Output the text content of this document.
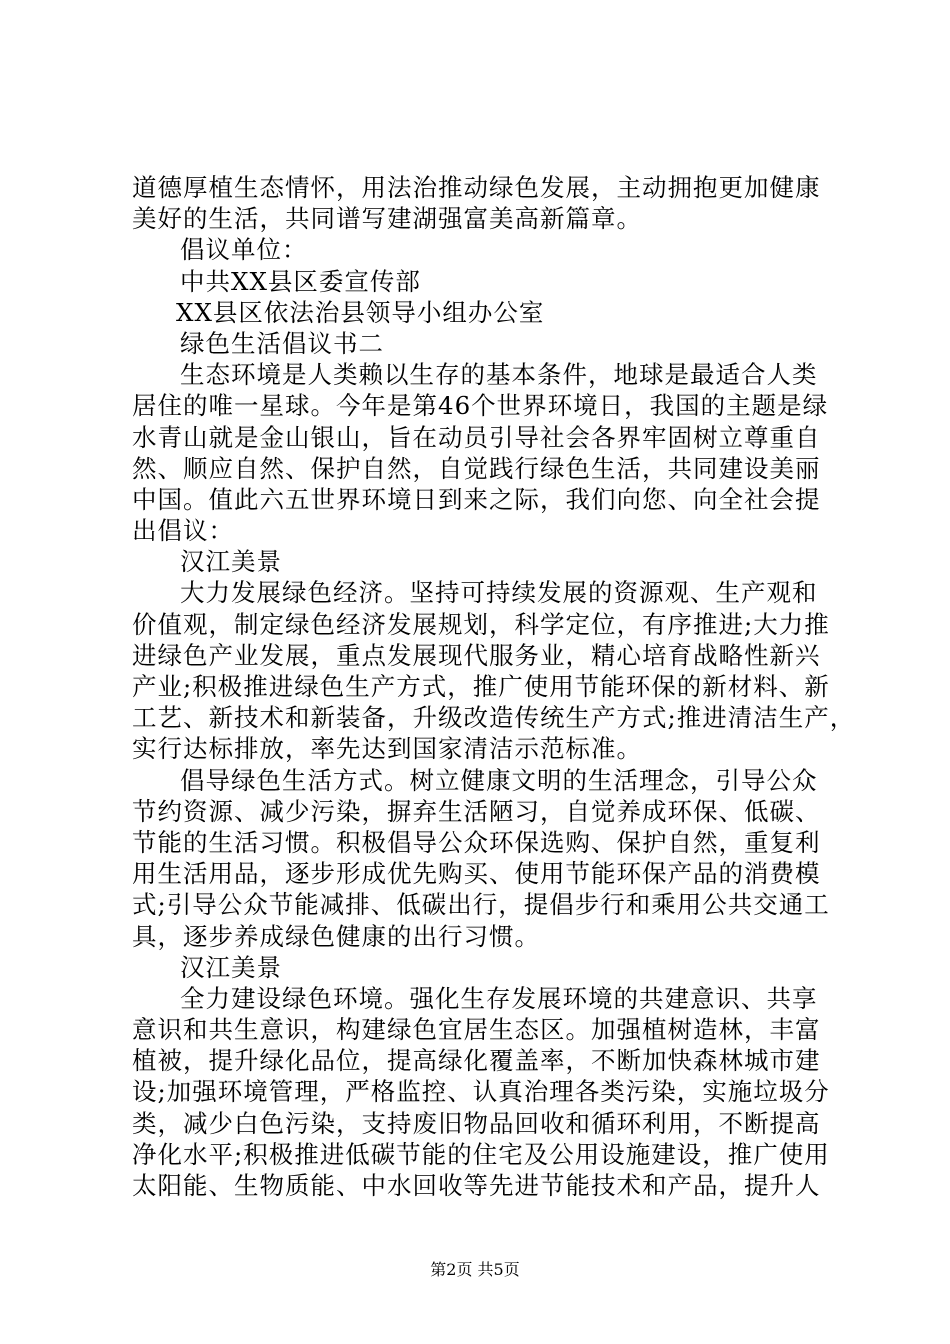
道德厚植生态情怀，用法治推动绿色发展，主动拥抱更加健康
美好的生活，共同谱写建湖强富美高新篇章。
倡议单位：
中共XX县区委宣传部
XX县区依法治县领导小组办公室
绿色生活倡议书二
生态环境是人类赖以生存的基本条件，地球是最适合人类
居住的唯一星球。今年是第46个世界环境日，我国的主题是绿
水青山就是金山银山，旨在动员引导社会各界牢固树立尊重自
然、顺应自然、保护自然，自觉践行绿色生活，共同建设美丽
中国。值此六五世界环境日到来之际，我们向您、向全社会提
出倡议：
汉江美景
大力发展绿色经济。坚持可持续发展的资源观、生产观和
价值观，制定绿色经济发展规划，科学定位，有序推进;大力推
进绿色产业发展，重点发展现代服务业，精心培育战略性新兴
产业;积极推进绿色生产方式，推广使用节能环保的新材料、新
工艺、新技术和新装备，升级改造传统生产方式;推进清洁生产，
实行达标排放，率先达到国家清洁示范标准。
倡导绿色生活方式。树立健康文明的生活理念，引导公众
节约资源、减少污染，摒弃生活陋习，自觉养成环保、低碳、
节能的生活习惯。积极倡导公众环保选购、保护自然，重复利
用生活用品，逐步形成优先购买、使用节能环保产品的消费模
式;引导公众节能减排、低碳出行，提倡步行和乘用公共交通工
具，逐步养成绿色健康的出行习惯。
汉江美景
全力建设绿色环境。强化生存发展环境的共建意识、共享
意识和共生意识，构建绿色宜居生态区。加强植树造林，丰富
植被，提升绿化品位，提高绿化覆盖率，不断加快森林城市建
设;加强环境管理，严格监控、认真治理各类污染，实施垃圾分
类，减少白色污染，支持废旧物品回收和循环利用，不断提高
净化水平;积极推进低碳节能的住宅及公用设施建设，推广使用
太阳能、生物质能、中水回收等先进节能技术和产品，提升人
第2页 共5页
